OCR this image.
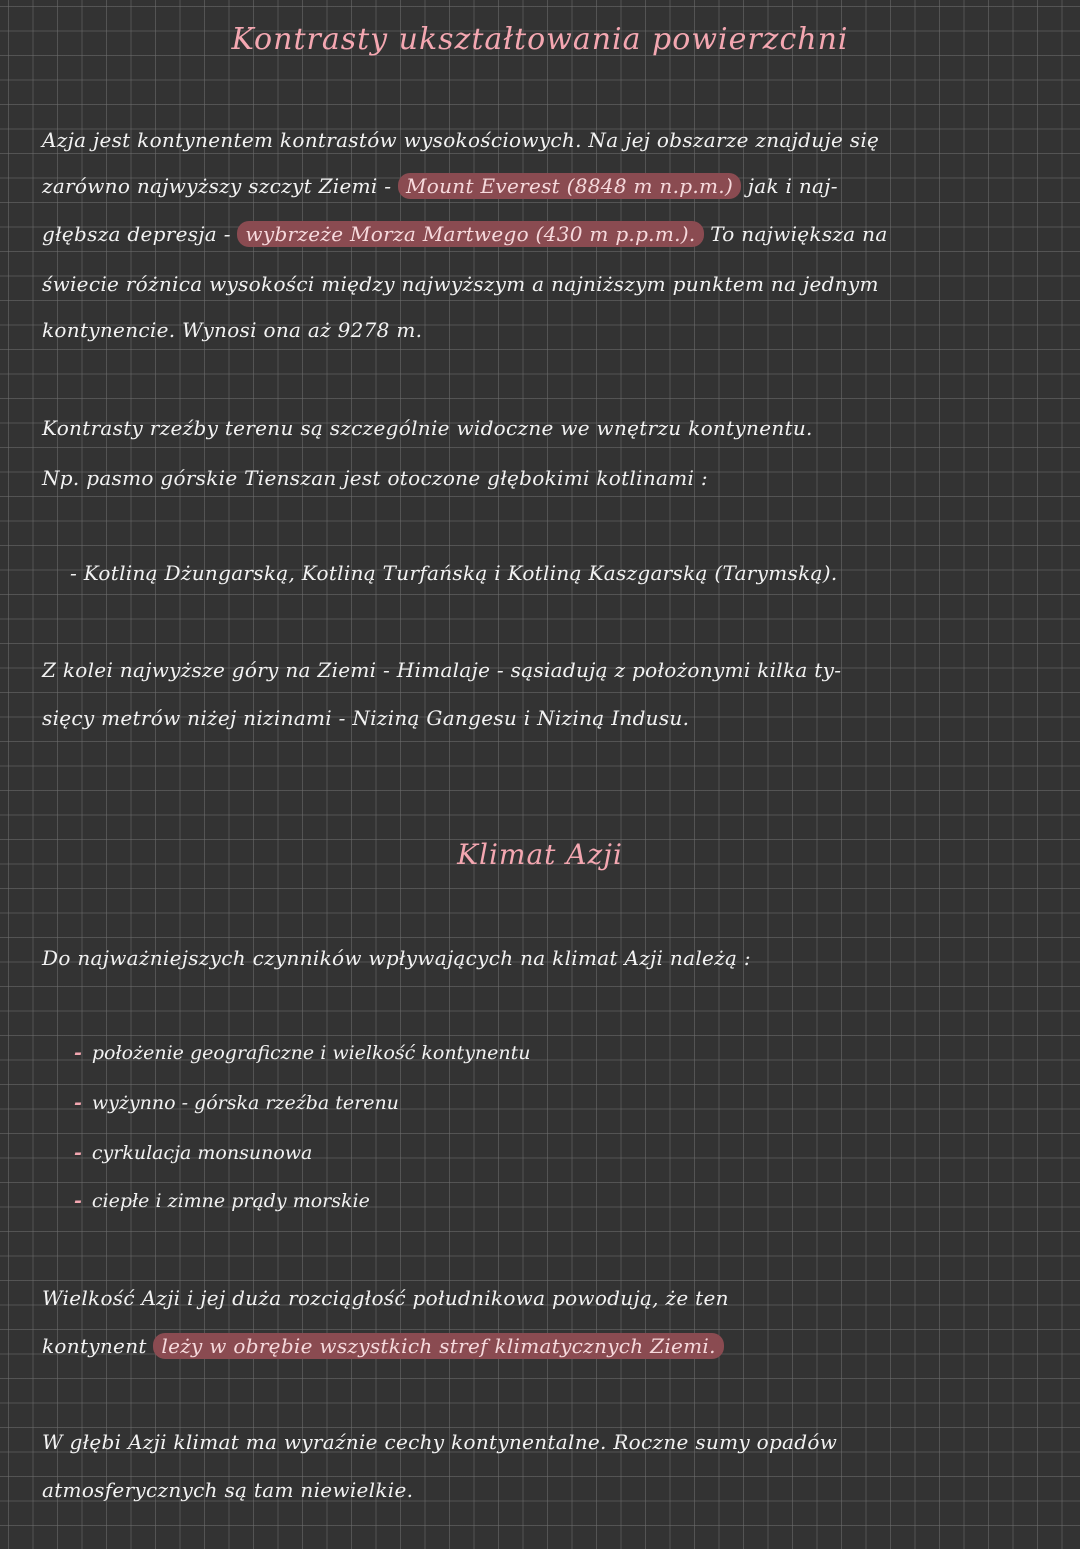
Kontrasty ukształtowania powierzchni
Azja jest kontynentem kontrastów wysokościowych. Na jej obszarze znajduje się
zarówno najwyższy szczyt Ziemi - Mount Everest (8848 m n.p.m.) jak i naj-
głębsza depresja - wybrzeże Morza Martwego (430 m p.p.m.). To największa na
świecie różnica wysokości między najwyższym a najniższym punktem na jednym
kontynencie. Wynosi ona aż 9278 m.
Kontrasty rzeźby terenu są szczególnie widoczne we wnętrzu kontynentu.
Np. pasmo górskie Tienszan jest otoczone głębokimi kotlinami :
- Kotliną Dżungarską, Kotliną Turfańską i Kotliną Kaszgarską (Tarymską).
Z kolei najwyższe góry na Ziemi - Himalaje - sąsiadują z położonymi kilka ty-
sięcy metrów niżej nizinami - Niziną Gangesu i Niziną Indusu.
Klimat Azji
Do najważniejszych czynników wpływających na klimat Azji należą :
- położenie geograficzne i wielkość kontynentu
- wyżynno - górska rzeźba terenu
- cyrkulacja monsunowa
- ciepłe i zimne prądy morskie
Wielkość Azji i jej duża rozciągłość południkowa powodują, że ten
kontynent leży w obrębie wszystkich stref klimatycznych Ziemi.
W głębi Azji klimat ma wyraźnie cechy kontynentalne. Roczne sumy opadów
atmosferycznych są tam niewielkie.
